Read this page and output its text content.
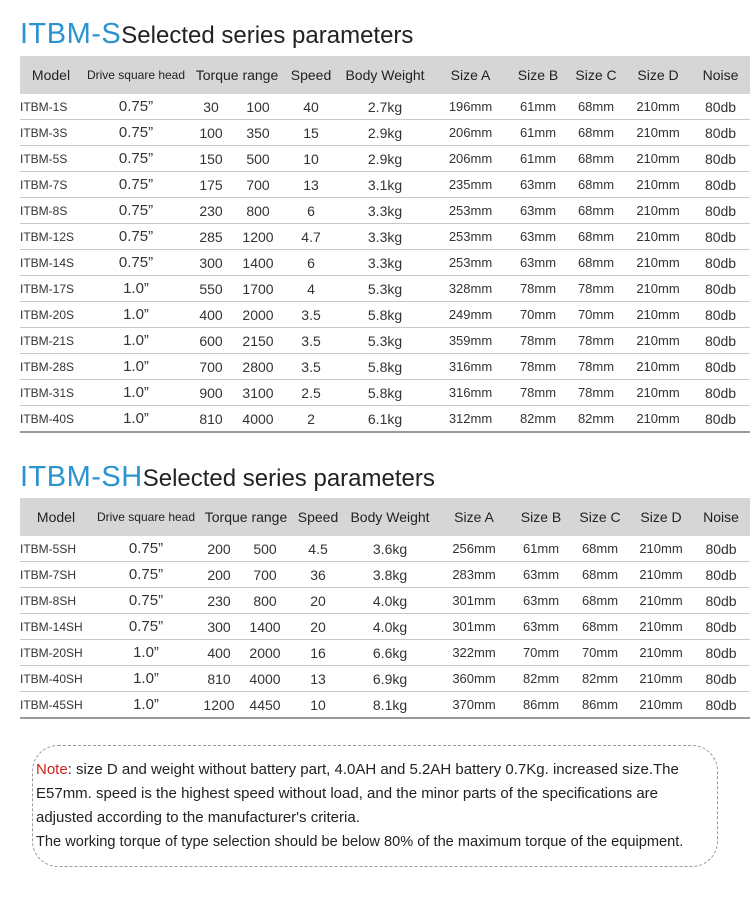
ITBM-SSelected series parameters
Model	Drive square head	Torque range		Speed	Body Weight	Size A	Size B	Size C	Size D	Noise
ITBM-1S	0.75”	30	100	40	2.7kg	196mm	61mm	68mm	210mm	80db
ITBM-3S	0.75”	100	350	15	2.9kg	206mm	61mm	68mm	210mm	80db
ITBM-5S	0.75”	150	500	10	2.9kg	206mm	61mm	68mm	210mm	80db
ITBM-7S	0.75”	175	700	13	3.1kg	235mm	63mm	68mm	210mm	80db
ITBM-8S	0.75”	230	800	6	3.3kg	253mm	63mm	68mm	210mm	80db
ITBM-12S	0.75”	285	1200	4.7	3.3kg	253mm	63mm	68mm	210mm	80db
ITBM-14S	0.75”	300	1400	6	3.3kg	253mm	63mm	68mm	210mm	80db
ITBM-17S	1.0”	550	1700	4	5.3kg	328mm	78mm	78mm	210mm	80db
ITBM-20S	1.0”	400	2000	3.5	5.8kg	249mm	70mm	70mm	210mm	80db
ITBM-21S	1.0”	600	2150	3.5	5.3kg	359mm	78mm	78mm	210mm	80db
ITBM-28S	1.0”	700	2800	3.5	5.8kg	316mm	78mm	78mm	210mm	80db
ITBM-31S	1.0”	900	3100	2.5	5.8kg	316mm	78mm	78mm	210mm	80db
ITBM-40S	1.0”	810	4000	2	6.1kg	312mm	82mm	82mm	210mm	80db
ITBM-SHSelected series parameters
Model	Drive square head	Torque range		Speed	Body Weight	Size A	Size B	Size C	Size D	Noise
ITBM-5SH	0.75”	200	500	4.5	3.6kg	256mm	61mm	68mm	210mm	80db
ITBM-7SH	0.75”	200	700	36	3.8kg	283mm	63mm	68mm	210mm	80db
ITBM-8SH	0.75”	230	800	20	4.0kg	301mm	63mm	68mm	210mm	80db
ITBM-14SH	0.75”	300	1400	20	4.0kg	301mm	63mm	68mm	210mm	80db
ITBM-20SH	1.0”	400	2000	16	6.6kg	322mm	70mm	70mm	210mm	80db
ITBM-40SH	1.0”	810	4000	13	6.9kg	360mm	82mm	82mm	210mm	80db
ITBM-45SH	1.0”	1200	4450	10	8.1kg	370mm	86mm	86mm	210mm	80db
Note: size D and weight without battery part, 4.0AH and 5.2AH battery 0.7Kg. increased size.The
E57mm. speed is the highest speed without load, and the minor parts of the specifications are
adjusted according to the manufacturer's criteria.
The working torque of type selection should be below 80% of the maximum torque of the equipment.
